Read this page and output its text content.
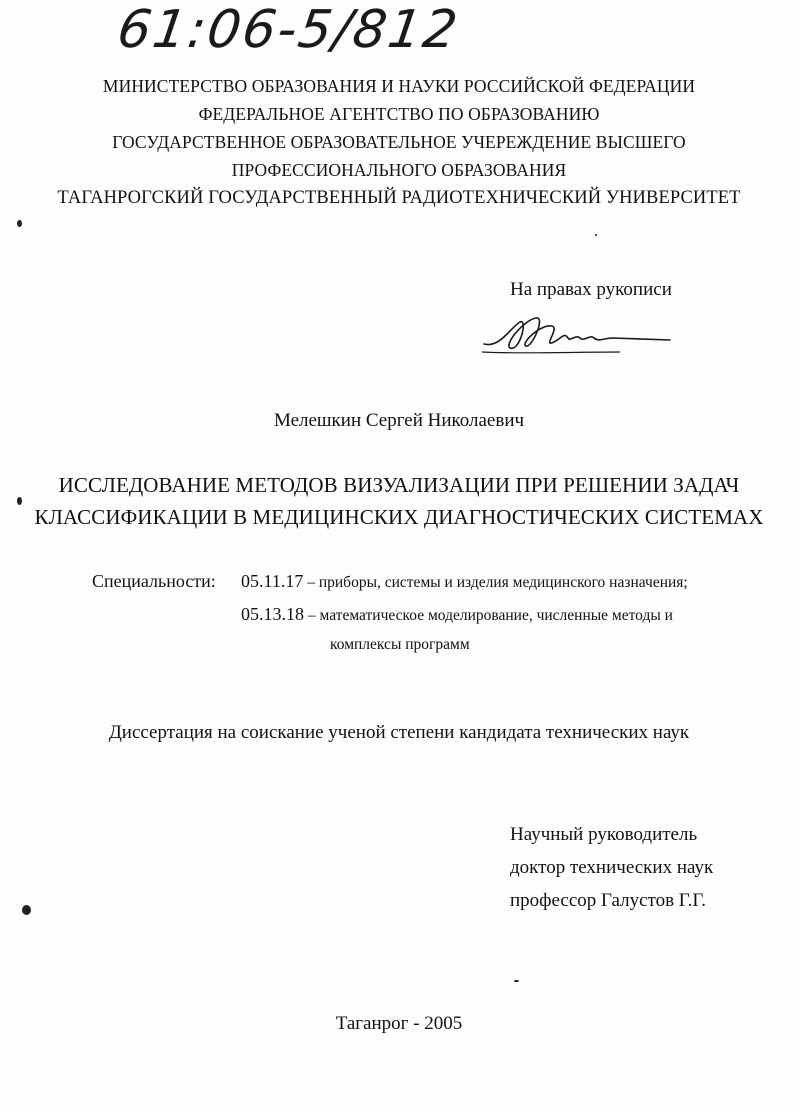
61:06-5/812
МИНИСТЕРСТВО ОБРАЗОВАНИЯ И НАУКИ РОССИЙСКОЙ ФЕДЕРАЦИИ
ФЕДЕРАЛЬНОЕ АГЕНТСТВО ПО ОБРАЗОВАНИЮ
ГОСУДАРСТВЕННОЕ ОБРАЗОВАТЕЛЬНОЕ УЧЕРЕЖДЕНИЕ ВЫСШЕГО
ПРОФЕССИОНАЛЬНОГО ОБРАЗОВАНИЯ
ТАГАНРОГСКИЙ ГОСУДАРСТВЕННЫЙ РАДИОТЕХНИЧЕСКИЙ УНИВЕРСИТЕТ
На правах рукописи
Мелешкин Сергей Николаевич
ИССЛЕДОВАНИЕ МЕТОДОВ ВИЗУАЛИЗАЦИИ ПРИ РЕШЕНИИ ЗАДАЧ
КЛАССИФИКАЦИИ В МЕДИЦИНСКИХ ДИАГНОСТИЧЕСКИХ СИСТЕМАХ
Специальности: 05.11.17 – приборы, системы и изделия медицинского назначения;
05.13.18 – математическое моделирование, численные методы и
комплексы программ
Диссертация на соискание ученой степени кандидата технических наук
Научный руководитель
доктор технических наук
профессор Галустов Г.Г.
Таганрог - 2005
